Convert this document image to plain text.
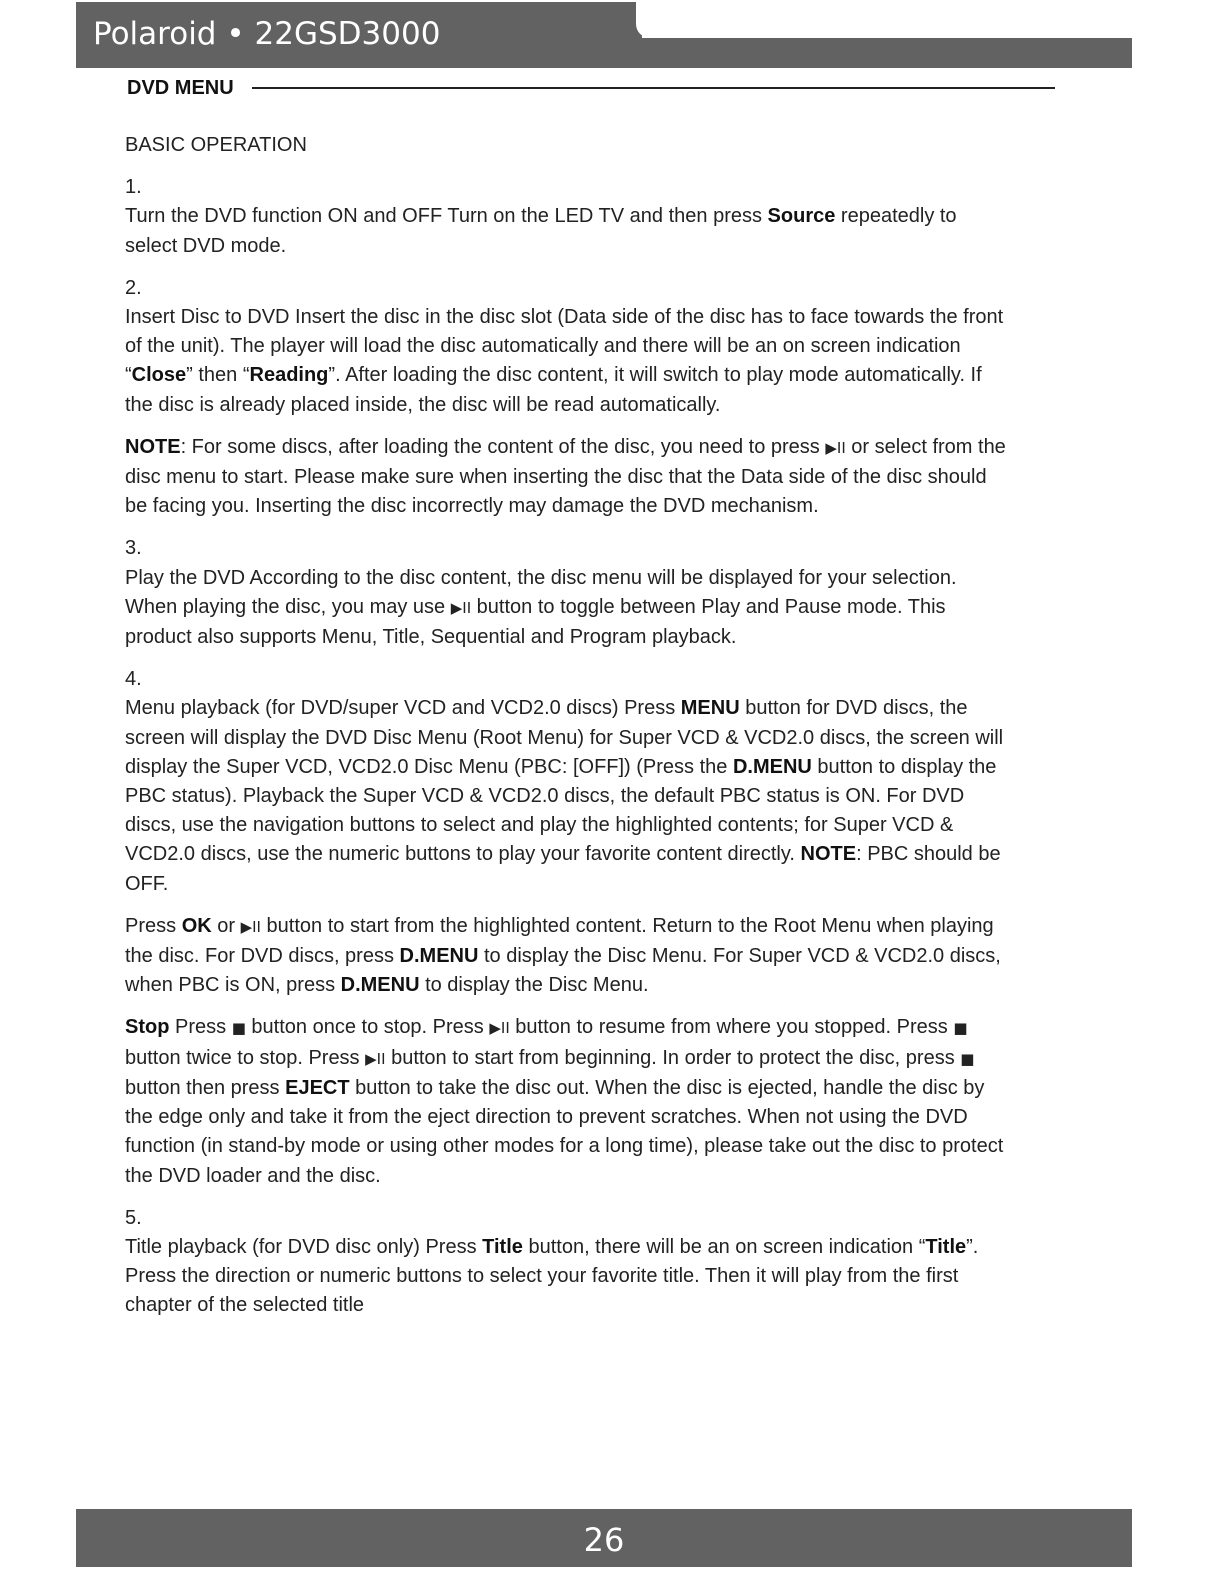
Polaroid • 22GSD3000
DVD MENU

BASIC OPERATION

1.

Turn the DVD function ON and OFF Turn on the LED TV and then press Source repeatedly to select DVD mode.

2.

Insert Disc to DVD Insert the disc in the disc slot (Data side of the disc has to face towards the front of the unit). The player will load the disc automatically and there will be an on screen indication “Close” then “Reading”. After loading the disc content, it will switch to play mode automatically. If the disc is already placed inside, the disc will be read automatically.

NOTE: For some discs, after loading the content of the disc, you need to press ▶II or select from the disc menu to start. Please make sure when inserting the disc that the Data side of the disc should be facing you. Inserting the disc incorrectly may damage the DVD mechanism.

3.

Play the DVD According to the disc content, the disc menu will be displayed for your selection. When playing the disc, you may use ▶II button to toggle between Play and Pause mode. This product also supports Menu, Title, Sequential and Program playback.

4.

Menu playback (for DVD/super VCD and VCD2.0 discs) Press MENU button for DVD discs, the screen will display the DVD Disc Menu (Root Menu) for Super VCD & VCD2.0 discs, the screen will display the Super VCD, VCD2.0 Disc Menu (PBC: [OFF]) (Press the D.MENU button to display the PBC status). Playback the Super VCD & VCD2.0 discs, the default PBC status is ON. For DVD discs, use the navigation buttons to select and play the highlighted contents; for Super VCD & VCD2.0 discs, use the numeric buttons to play your favorite content directly. NOTE: PBC should be OFF.

Press OK or ▶II button to start from the highlighted content. Return to the Root Menu when playing the disc. For DVD discs, press D.MENU to display the Disc Menu. For Super VCD & VCD2.0 discs, when PBC is ON, press D.MENU to display the Disc Menu.

Stop Press ■ button once to stop. Press ▶II button to resume from where you stopped. Press ■ button twice to stop. Press ▶II button to start from beginning. In order to protect the disc, press ■ button then press EJECT button to take the disc out. When the disc is ejected, handle the disc by the edge only and take it from the eject direction to prevent scratches. When not using the DVD function (in stand-by mode or using other modes for a long time), please take out the disc to protect the DVD loader and the disc.

5.

Title playback (for DVD disc only) Press Title button, there will be an on screen indication “Title”. Press the direction or numeric buttons to select your favorite title. Then it will play from the first chapter of the selected title

26
